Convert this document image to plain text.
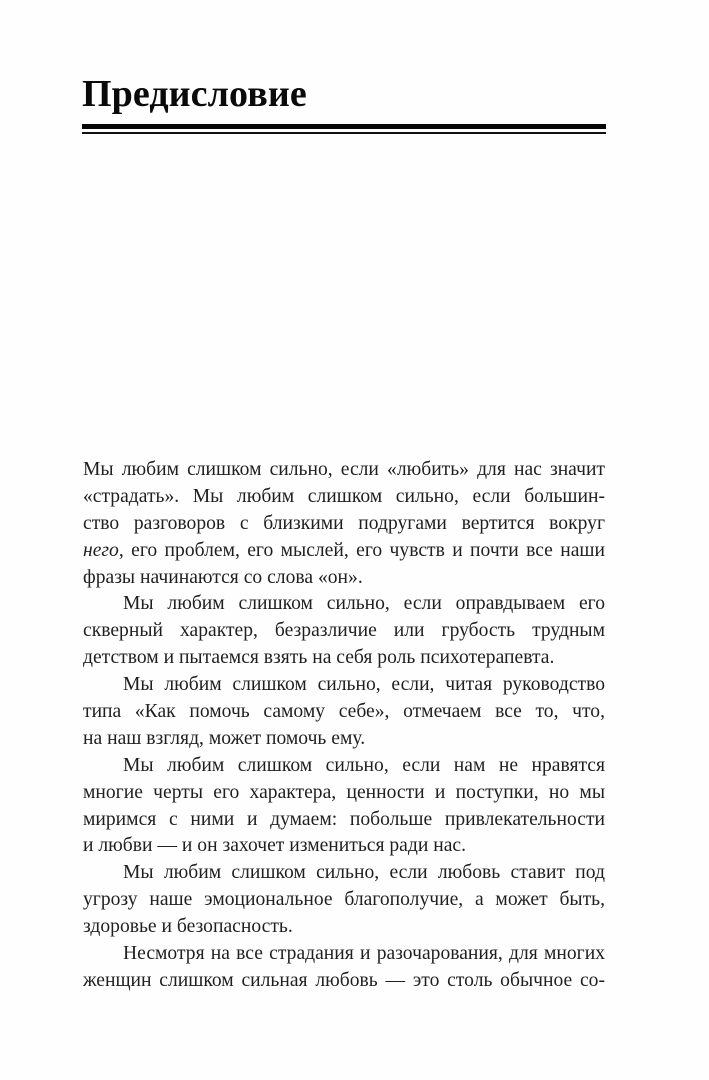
Предисловие
Мы любим слишком сильно, если «любить» для нас значит
«страдать». Мы любим слишком сильно, если большин-
ство разговоров с близкими подругами вертится вокруг
него, его проблем, его мыслей, его чувств и почти все наши
фразы начинаются со слова «он».
Мы любим слишком сильно, если оправдываем его
скверный характер, безразличие или грубость трудным
детством и пытаемся взять на себя роль психотерапевта.
Мы любим слишком сильно, если, читая руководство
типа «Как помочь самому себе», отмечаем все то, что,
на наш взгляд, может помочь ему.
Мы любим слишком сильно, если нам не нравятся
многие черты его характера, ценности и поступки, но мы
миримся с ними и думаем: побольше привлекательности
и любви — и он захочет измениться ради нас.
Мы любим слишком сильно, если любовь ставит под
угрозу наше эмоциональное благополучие, а может быть,
здоровье и безопасность.
Несмотря на все страдания и разочарования, для многих
женщин слишком сильная любовь — это столь обычное со-
